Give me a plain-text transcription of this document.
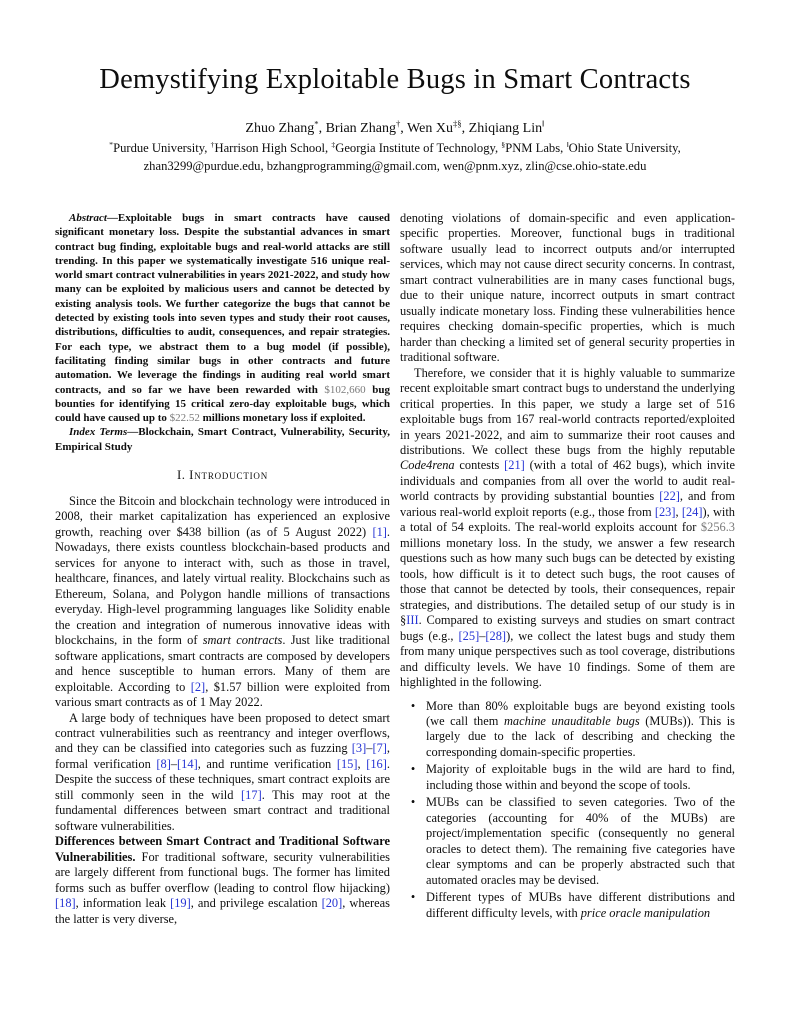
Demystifying Exploitable Bugs in Smart Contracts
Zhuo Zhang*, Brian Zhang†, Wen Xu‡§, Zhiqiang Lin‖
*Purdue University, †Harrison High School, ‡Georgia Institute of Technology, §PNM Labs, ‖Ohio State University,
zhan3299@purdue.edu, bzhangprogramming@gmail.com, wen@pnm.xyz, zlin@cse.ohio-state.edu

Abstract—Exploitable bugs in smart contracts have caused significant monetary loss. Despite the substantial advances in smart contract bug finding, exploitable bugs and real-world attacks are still trending. In this paper we systematically investigate 516 unique real-world smart contract vulnerabilities in years 2021-2022, and study how many can be exploited by malicious users and cannot be detected by existing analysis tools. We further categorize the bugs that cannot be detected by existing tools into seven types and study their root causes, distributions, difficulties to audit, consequences, and repair strategies. For each type, we abstract them to a bug model (if possible), facilitating finding similar bugs in other contracts and future automation. We leverage the findings in auditing real world smart contracts, and so far we have been rewarded with $102,660 bug bounties for identifying 15 critical zero-day exploitable bugs, which could have caused up to $22.52 millions monetary loss if exploited.

Index Terms—Blockchain, Smart Contract, Vulnerability, Security, Empirical Study

I. Introduction

Since the Bitcoin and blockchain technology were introduced in 2008, their market capitalization has experienced an explosive growth, reaching over $438 billion (as of 5 August 2022) [1]. Nowadays, there exists countless blockchain-based products and services for anyone to interact with, such as those in travel, healthcare, finances, and lately virtual reality. Blockchains such as Ethereum, Solana, and Polygon handle millions of transactions everyday. High-level programming languages like Solidity enable the creation and integration of numerous innovative ideas with blockchains, in the form of smart contracts. Just like traditional software applications, smart contracts are composed by developers and hence susceptible to human errors. Many of them are exploitable. According to [2], $1.57 billion were exploited from various smart contracts as of 1 May 2022.

A large body of techniques have been proposed to detect smart contract vulnerabilities such as reentrancy and integer overflows, and they can be classified into categories such as fuzzing [3]–[7], formal verification [8]–[14], and runtime verification [15], [16]. Despite the success of these techniques, smart contract exploits are still commonly seen in the wild [17]. This may root at the fundamental differences between smart contract and traditional software vulnerabilities.

Differences between Smart Contract and Traditional Software Vulnerabilities. For traditional software, security vulnerabilities are largely different from functional bugs. The former has limited forms such as buffer overflow (leading to control flow hijacking) [18], information leak [19], and privilege escalation [20], whereas the latter is very diverse,

denoting violations of domain-specific and even application-specific properties. Moreover, functional bugs in traditional software usually lead to incorrect outputs and/or interrupted services, which may not cause direct security concerns. In contrast, smart contract vulnerabilities are in many cases functional bugs, due to their unique nature, incorrect outputs in smart contract usually indicate monetary loss. Finding these vulnerabilities hence requires checking domain-specific properties, which is much harder than checking a limited set of general security properties in traditional software.

Therefore, we consider that it is highly valuable to summarize recent exploitable smart contract bugs to understand the underlying critical properties. In this paper, we study a large set of 516 exploitable bugs from 167 real-world contracts reported/exploited in years 2021-2022, and aim to summarize their root causes and distributions. We collect these bugs from the highly reputable Code4rena contests [21] (with a total of 462 bugs), which invite individuals and companies from all over the world to audit real-world contracts by providing substantial bounties [22], and from various real-world exploit reports (e.g., those from [23], [24]), with a total of 54 exploits. The real-world exploits account for $256.3 millions monetary loss. In the study, we answer a few research questions such as how many such bugs can be detected by existing tools, how difficult is it to detect such bugs, the root causes of those that cannot be detected by tools, their consequences, repair strategies, and distributions. The detailed setup of our study is in §III. Compared to existing surveys and studies on smart contract bugs (e.g., [25]–[28]), we collect the latest bugs and study them from many unique perspectives such as tool coverage, distributions and difficulty levels. We have 10 findings. Some of them are highlighted in the following.

• More than 80% exploitable bugs are beyond existing tools (we call them machine unauditable bugs (MUBs)). This is largely due to the lack of describing and checking the corresponding domain-specific properties.
• Majority of exploitable bugs in the wild are hard to find, including those within and beyond the scope of tools.
• MUBs can be classified to seven categories. Two of the categories (accounting for 40% of the MUBs) are project/implementation specific (consequently no general oracles to detect them). The remaining five categories have clear symptoms and can be properly abstracted such that automated oracles may be devised.
• Different types of MUBs have different distributions and different difficulty levels, with price oracle manipulation
